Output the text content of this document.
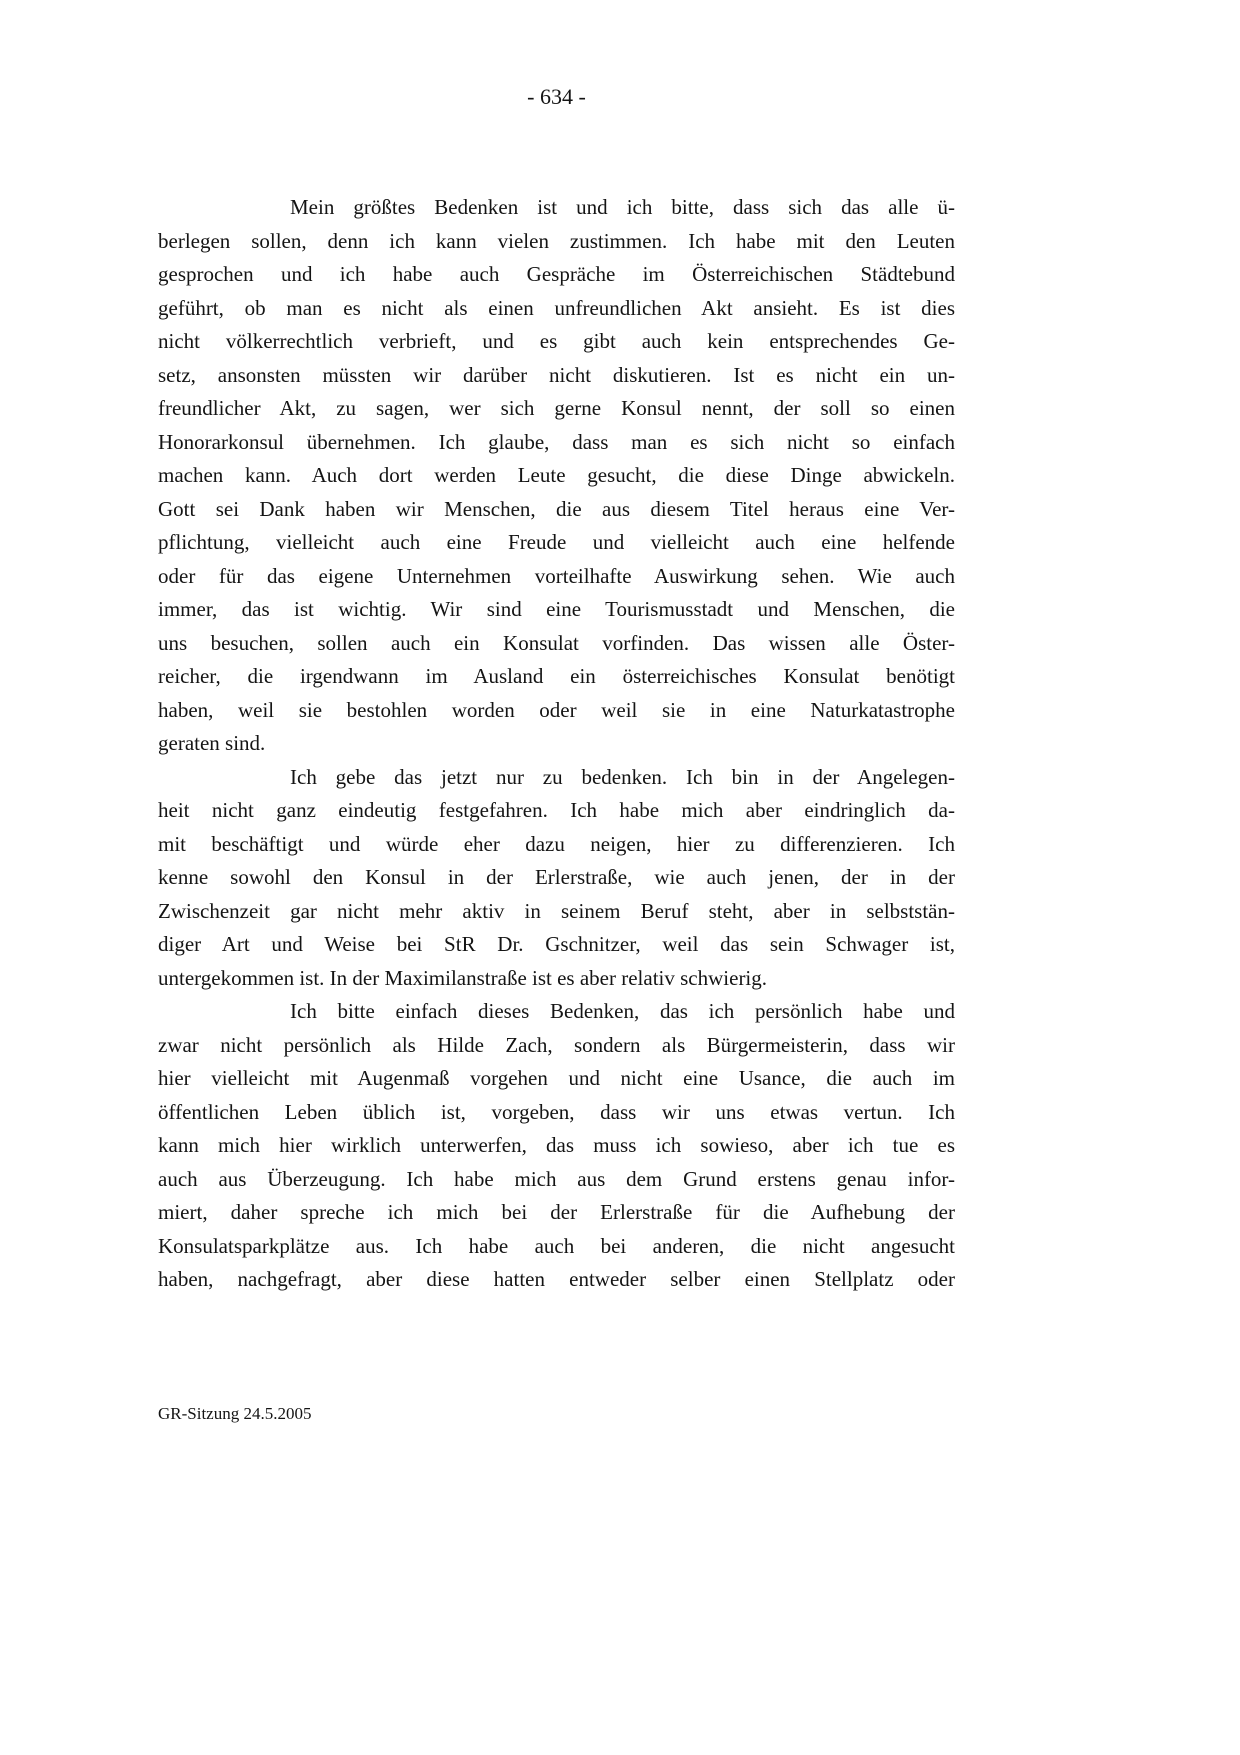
- 634 -
Mein größtes Bedenken ist und ich bitte, dass sich das alle ü-
berlegen sollen, denn ich kann vielen zustimmen. Ich habe mit den Leuten
gesprochen und ich habe auch Gespräche im Österreichischen Städtebund
geführt, ob man es nicht als einen unfreundlichen Akt ansieht. Es ist dies
nicht völkerrechtlich verbrieft, und es gibt auch kein entsprechendes Ge-
setz, ansonsten müssten wir darüber nicht diskutieren. Ist es nicht ein un-
freundlicher Akt, zu sagen, wer sich gerne Konsul nennt, der soll so einen
Honorarkonsul übernehmen. Ich glaube, dass man es sich nicht so einfach
machen kann. Auch dort werden Leute gesucht, die diese Dinge abwickeln.
Gott sei Dank haben wir Menschen, die aus diesem Titel heraus eine Ver-
pflichtung, vielleicht auch eine Freude und vielleicht auch eine helfende
oder für das eigene Unternehmen vorteilhafte Auswirkung sehen. Wie auch
immer, das ist wichtig. Wir sind eine Tourismusstadt und Menschen, die
uns besuchen, sollen auch ein Konsulat vorfinden. Das wissen alle Öster-
reicher, die irgendwann im Ausland ein österreichisches Konsulat benötigt
haben, weil sie bestohlen worden oder weil sie in eine Naturkatastrophe
geraten sind.
Ich gebe das jetzt nur zu bedenken. Ich bin in der Angelegen-
heit nicht ganz eindeutig festgefahren. Ich habe mich aber eindringlich da-
mit beschäftigt und würde eher dazu neigen, hier zu differenzieren. Ich
kenne sowohl den Konsul in der Erlerstraße, wie auch jenen, der in der
Zwischenzeit gar nicht mehr aktiv in seinem Beruf steht, aber in selbststän-
diger Art und Weise bei StR Dr. Gschnitzer, weil das sein Schwager ist,
untergekommen ist. In der Maximilanstraße ist es aber relativ schwierig.
Ich bitte einfach dieses Bedenken, das ich persönlich habe und
zwar nicht persönlich als Hilde Zach, sondern als Bürgermeisterin, dass wir
hier vielleicht mit Augenmaß vorgehen und nicht eine Usance, die auch im
öffentlichen Leben üblich ist, vorgeben, dass wir uns etwas vertun. Ich
kann mich hier wirklich unterwerfen, das muss ich sowieso, aber ich tue es
auch aus Überzeugung. Ich habe mich aus dem Grund erstens genau infor-
miert, daher spreche ich mich bei der Erlerstraße für die Aufhebung der
Konsulatsparkplätze aus. Ich habe auch bei anderen, die nicht angesucht
haben, nachgefragt, aber diese hatten entweder selber einen Stellplatz oder
GR-Sitzung 24.5.2005
